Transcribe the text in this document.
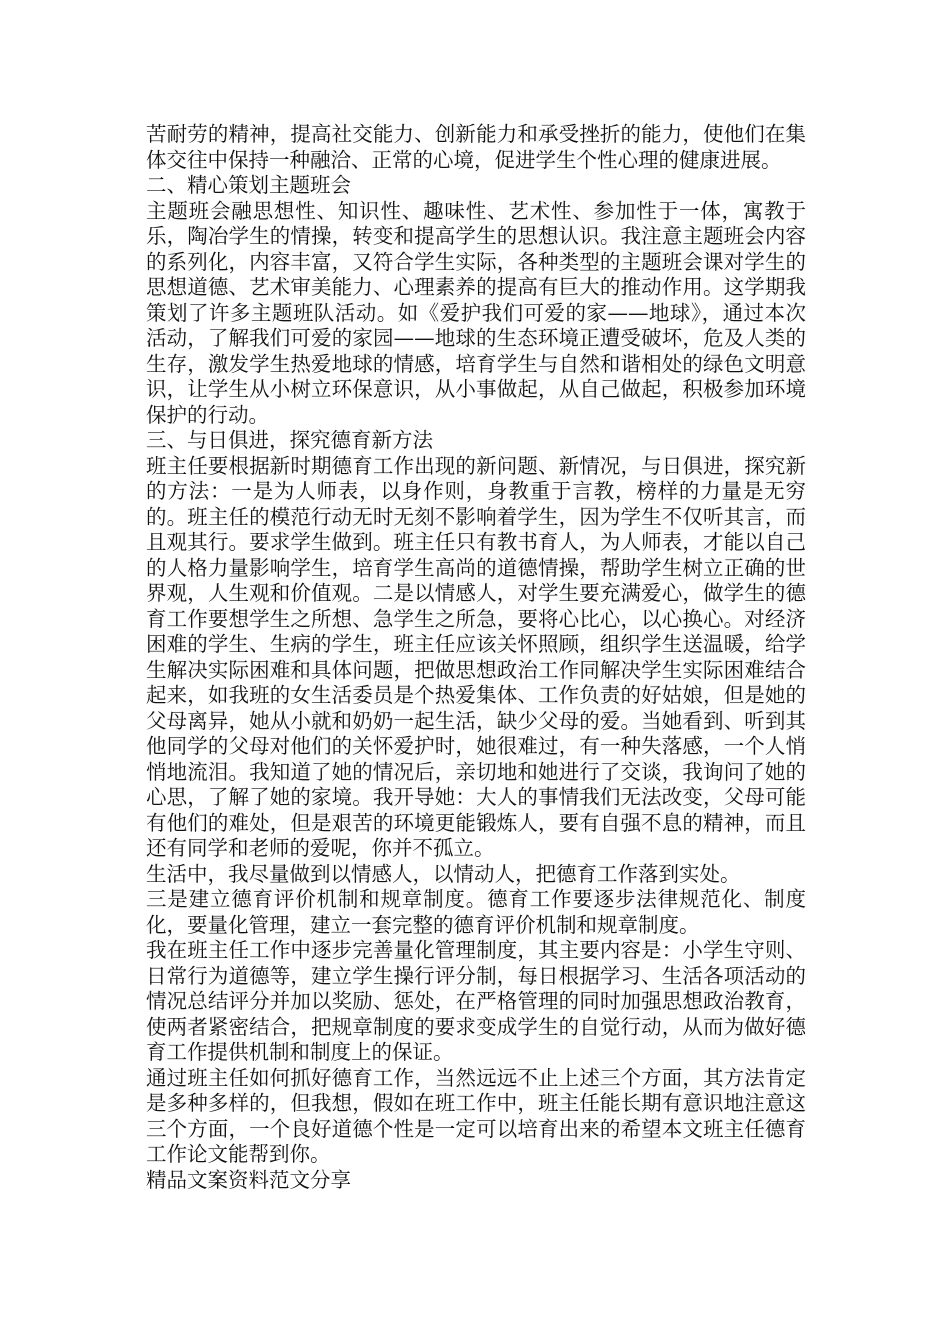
苦耐劳的精神，提高社交能力、创新能力和承受挫折的能力，使他们在集体交往中保持一种融洽、正常的心境，促进学生个性心理的健康进展。

二、精心策划主题班会

主题班会融思想性、知识性、趣味性、艺术性、参加性于一体，寓教于乐，陶冶学生的情操，转变和提高学生的思想认识。我注意主题班会内容的系列化，内容丰富，又符合学生实际，各种类型的主题班会课对学生的思想道德、艺术审美能力、心理素养的提高有巨大的推动作用。这学期我策划了许多主题班队活动。如《爱护我们可爱的家——地球》，通过本次活动，了解我们可爱的家园——地球的生态环境正遭受破坏，危及人类的生存，激发学生热爱地球的情感，培育学生与自然和谐相处的绿色文明意识，让学生从小树立环保意识，从小事做起，从自己做起，积极参加环境保护的行动。

三、与日俱进，探究德育新方法

班主任要根据新时期德育工作出现的新问题、新情况，与日俱进，探究新的方法：一是为人师表，以身作则，身教重于言教，榜样的力量是无穷的。班主任的模范行动无时无刻不影响着学生，因为学生不仅听其言，而且观其行。要求学生做到。班主任只有教书育人，为人师表，才能以自己的人格力量影响学生，培育学生高尚的道德情操，帮助学生树立正确的世界观，人生观和价值观。二是以情感人，对学生要充满爱心，做学生的德育工作要想学生之所想、急学生之所急，要将心比心，以心换心。对经济困难的学生、生病的学生，班主任应该关怀照顾，组织学生送温暖，给学生解决实际困难和具体问题，把做思想政治工作同解决学生实际困难结合起来，如我班的女生活委员是个热爱集体、工作负责的好姑娘，但是她的父母离异，她从小就和奶奶一起生活，缺少父母的爱。当她看到、听到其他同学的父母对他们的关怀爱护时，她很难过，有一种失落感，一个人悄悄地流泪。我知道了她的情况后，亲切地和她进行了交谈，我询问了她的心思，了解了她的家境。我开导她：大人的事情我们无法改变，父母可能有他们的难处，但是艰苦的环境更能锻炼人，要有自强不息的精神，而且还有同学和老师的爱呢，你并不孤立。

生活中，我尽量做到以情感人，以情动人，把德育工作落到实处。

三是建立德育评价机制和规章制度。德育工作要逐步法律规范化、制度化，要量化管理，建立一套完整的德育评价机制和规章制度。

我在班主任工作中逐步完善量化管理制度，其主要内容是：小学生守则、日常行为道德等，建立学生操行评分制，每日根据学习、生活各项活动的情况总结评分并加以奖励、惩处，在严格管理的同时加强思想政治教育，使两者紧密结合，把规章制度的要求变成学生的自觉行动，从而为做好德育工作提供机制和制度上的保证。

通过班主任如何抓好德育工作，当然远远不止上述三个方面，其方法肯定是多种多样的，但我想，假如在班工作中，班主任能长期有意识地注意这三个方面，一个良好道德个性是一定可以培育出来的希望本文班主任德育工作论文能帮到你。

精品文案资料范文分享
